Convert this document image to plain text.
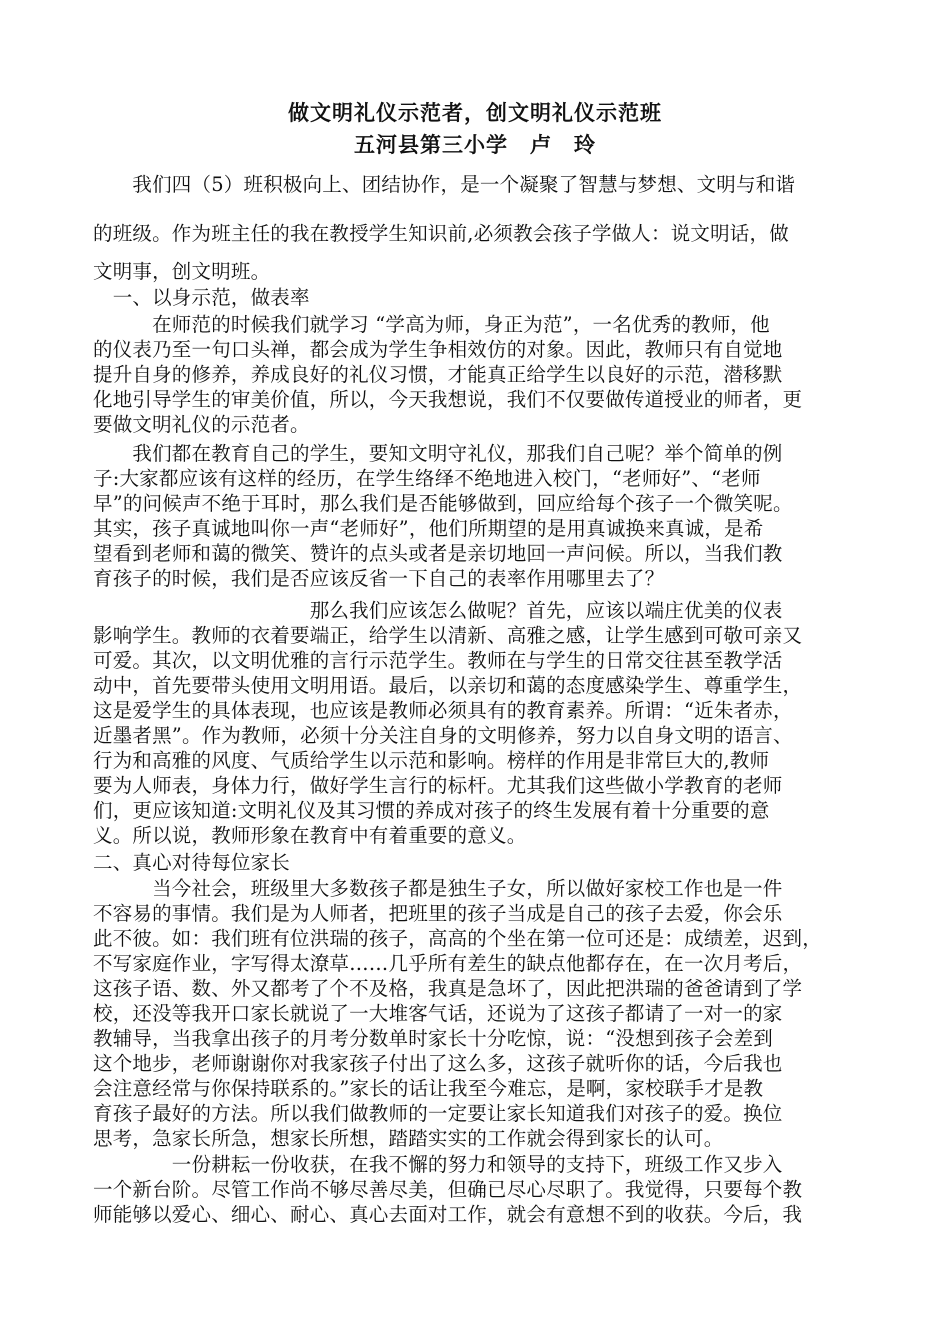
做文明礼仪示范者，创文明礼仪示范班
五河县第三小学　卢　玲
　　我们四（5）班积极向上、团结协作，是一个凝聚了智慧与梦想、文明与和谐
的班级。作为班主任的我在教授学生知识前,必须教会孩子学做人：说文明话，做
文明事，创文明班。
　一、以身示范，做表率
　　　在师范的时候我们就学习 “学高为师，身正为范”，一名优秀的教师，他
的仪表乃至一句口头禅，都会成为学生争相效仿的对象。因此，教师只有自觉地
提升自身的修养，养成良好的礼仪习惯，才能真正给学生以良好的示范，潜移默
化地引导学生的审美价值，所以，今天我想说，我们不仅要做传道授业的师者，更
要做文明礼仪的示范者。
　　我们都在教育自己的学生，要知文明守礼仪，那我们自己呢？举个简单的例
子:大家都应该有这样的经历，在学生络绎不绝地进入校门，“老师好”、“老师
早”的问候声不绝于耳时，那么我们是否能够做到，回应给每个孩子一个微笑呢。
其实，孩子真诚地叫你一声“老师好”，他们所期望的是用真诚换来真诚，是希
望看到老师和蔼的微笑、赞许的点头或者是亲切地回一声问候。所以，当我们教
育孩子的时候，我们是否应该反省一下自己的表率作用哪里去了？
　　　　　　　　　　　那么我们应该怎么做呢？首先，应该以端庄优美的仪表
影响学生。教师的衣着要端正，给学生以清新、高雅之感，让学生感到可敬可亲又
可爱。其次，以文明优雅的言行示范学生。教师在与学生的日常交往甚至教学活
动中，首先要带头使用文明用语。最后，以亲切和蔼的态度感染学生、尊重学生，
这是爱学生的具体表现，也应该是教师必须具有的教育素养。所谓：“近朱者赤，
近墨者黑”。作为教师，必须十分关注自身的文明修养，努力以自身文明的语言、
行为和高雅的风度、气质给学生以示范和影响。榜样的作用是非常巨大的,教师
要为人师表，身体力行，做好学生言行的标杆。尤其我们这些做小学教育的老师
们，更应该知道:文明礼仪及其习惯的养成对孩子的终生发展有着十分重要的意
义。所以说，教师形象在教育中有着重要的意义。
二、真心对待每位家长
　　　当今社会，班级里大多数孩子都是独生子女，所以做好家校工作也是一件
不容易的事情。我们是为人师者，把班里的孩子当成是自己的孩子去爱，你会乐
此不彼。如：我们班有位洪瑞的孩子，高高的个坐在第一位可还是：成绩差，迟到，
不写家庭作业，字写得太潦草……几乎所有差生的缺点他都存在，在一次月考后，
这孩子语、数、外又都考了个不及格，我真是急坏了，因此把洪瑞的爸爸请到了学
校，还没等我开口家长就说了一大堆客气话，还说为了这孩子都请了一对一的家
教辅导，当我拿出孩子的月考分数单时家长十分吃惊，说：“没想到孩子会差到
这个地步，老师谢谢你对我家孩子付出了这么多，这孩子就听你的话，今后我也
会注意经常与你保持联系的。”家长的话让我至今难忘，是啊，家校联手才是教
育孩子最好的方法。所以我们做教师的一定要让家长知道我们对孩子的爱。换位
思考，急家长所急，想家长所想，踏踏实实的工作就会得到家长的认可。
　　　　一份耕耘一份收获，在我不懈的努力和领导的支持下，班级工作又步入
一个新台阶。尽管工作尚不够尽善尽美，但确已尽心尽职了。我觉得，只要每个教
师能够以爱心、细心、耐心、真心去面对工作，就会有意想不到的收获。今后，我
